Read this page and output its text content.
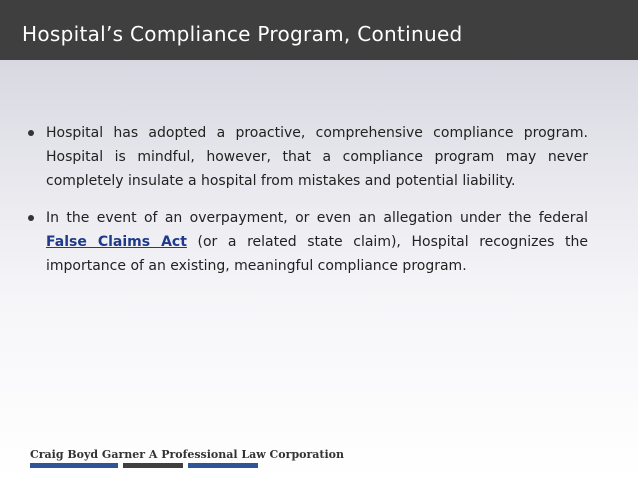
Hospital’s Compliance Program, Continued
Hospital has adopted a proactive, comprehensive compliance program. Hospital is mindful, however, that a compliance program may never completely insulate a hospital from mistakes and potential liability.
In the event of an overpayment, or even an allegation under the federal False Claims Act (or a related state claim), Hospital recognizes the importance of an existing, meaningful compliance program.
Craig Boyd Garner A Professional Law Corporation
